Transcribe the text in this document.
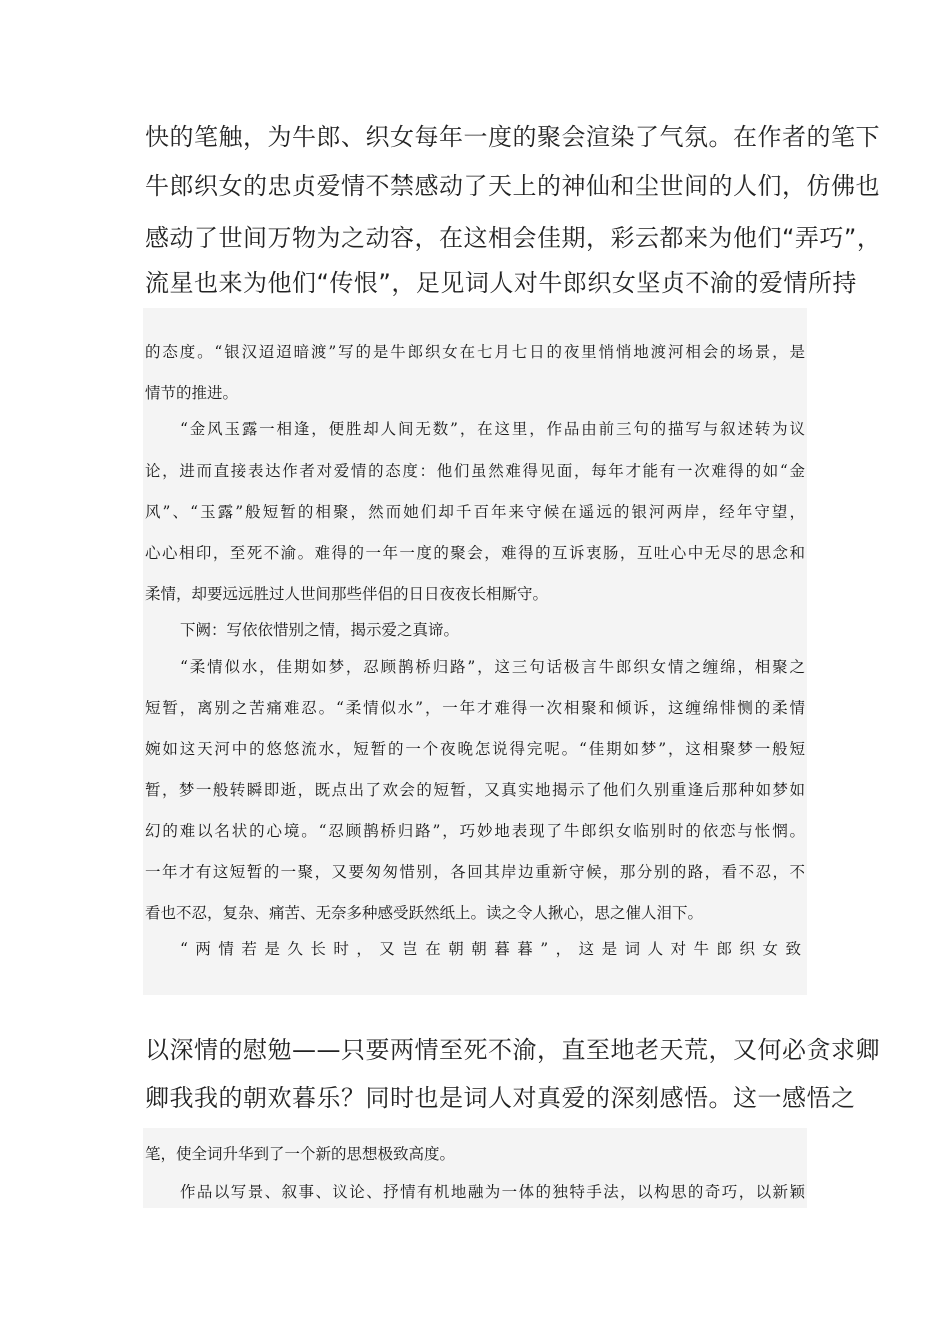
快的笔触，为牛郎、织女每年一度的聚会渲染了气氛。在作者的笔下
牛郎织女的忠贞爱情不禁感动了天上的神仙和尘世间的人们，仿佛也
感动了世间万物为之动容，在这相会佳期，彩云都来为他们“弄巧”，
流星也来为他们“传恨”，足见词人对牛郎织女坚贞不渝的爱情所持
的态度。“银汉迢迢暗渡”写的是牛郎织女在七月七日的夜里悄悄地渡河相会的场景，是
情节的推进。
“金风玉露一相逢，便胜却人间无数”，在这里，作品由前三句的描写与叙述转为议
论，进而直接表达作者对爱情的态度：他们虽然难得见面，每年才能有一次难得的如“金
风”、“玉露”般短暂的相聚，然而她们却千百年来守候在遥远的银河两岸，经年守望，
心心相印，至死不渝。难得的一年一度的聚会，难得的互诉衷肠，互吐心中无尽的思念和
柔情，却要远远胜过人世间那些伴侣的日日夜夜长相厮守。
下阙：写依依惜别之情，揭示爱之真谛。
“柔情似水，佳期如梦，忍顾鹊桥归路”，这三句话极言牛郎织女情之缠绵，相聚之
短暂，离别之苦痛难忍。“柔情似水”，一年才难得一次相聚和倾诉，这缠绵悱恻的柔情
婉如这天河中的悠悠流水，短暂的一个夜晚怎说得完呢。“佳期如梦”，这相聚梦一般短
暂，梦一般转瞬即逝，既点出了欢会的短暂，又真实地揭示了他们久别重逢后那种如梦如
幻的难以名状的心境。“忍顾鹊桥归路”，巧妙地表现了牛郎织女临别时的依恋与怅惘。
一年才有这短暂的一聚，又要匆匆惜别，各回其岸边重新守候，那分别的路，看不忍，不
看也不忍，复杂、痛苦、无奈多种感受跃然纸上。读之令人揪心，思之催人泪下。
“两情若是久长时，又岂在朝朝暮暮”，这是词人对牛郎织女致
以深情的慰勉——只要两情至死不渝，直至地老天荒，又何必贪求卿
卿我我的朝欢暮乐？同时也是词人对真爱的深刻感悟。这一感悟之
笔，使全词升华到了一个新的思想极致高度。
作品以写景、叙事、议论、抒情有机地融为一体的独特手法，以构思的奇巧，以新颖
